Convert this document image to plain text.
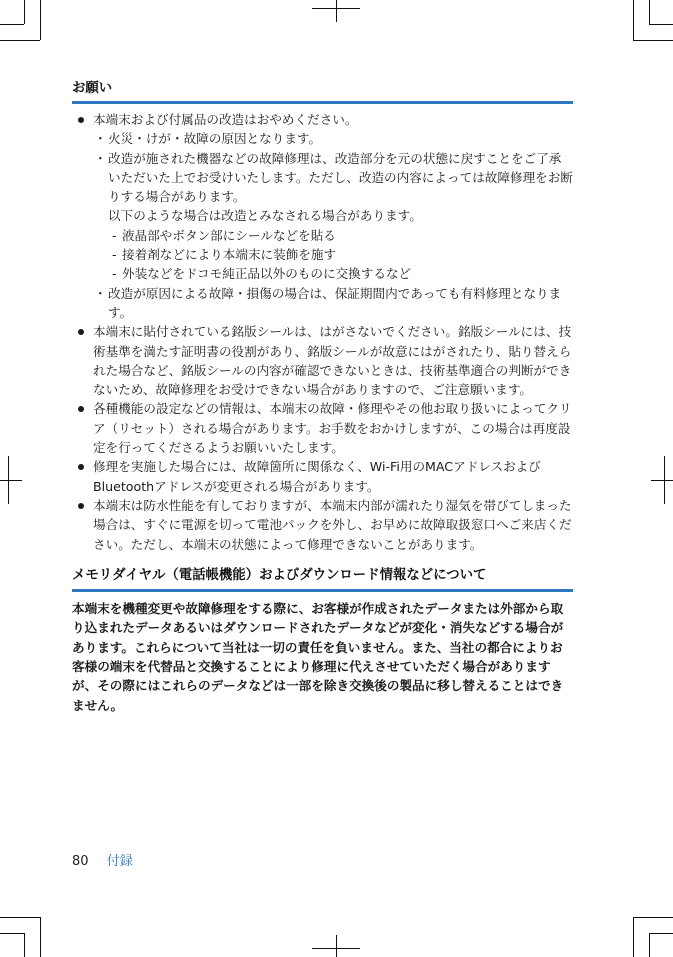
お願い
本端末および付属品の改造はおやめください。
・ 火災・けが・故障の原因となります。
・ 改造が施された機器などの故障修理は、改造部分を元の状態に戻すことをご了承いただいた上でお受けいたします。ただし、改造の内容によっては故障修理をお断りする場合があります。
以下のような場合は改造とみなされる場合があります。
- 液晶部やボタン部にシールなどを貼る
- 接着剤などにより本端末に装飾を施す
- 外装などをドコモ純正品以外のものに交換するなど
・ 改造が原因による故障・損傷の場合は、保証期間内であっても有料修理となります。
本端末に貼付されている銘版シールは、はがさないでください。銘版シールには、技術基準を満たす証明書の役割があり、銘版シールが故意にはがされたり、貼り替えられた場合など、銘版シールの内容が確認できないときは、技術基準適合の判断ができないため、故障修理をお受けできない場合がありますので、ご注意願います。
各種機能の設定などの情報は、本端末の故障・修理やその他お取り扱いによってクリア（リセット）される場合があります。お手数をおかけしますが、この場合は再度設定を行ってくださるようお願いいたします。
修理を実施した場合には、故障箇所に関係なく、Wi-Fi用のMACアドレスおよびBluetoothアドレスが変更される場合があります。
本端末は防水性能を有しておりますが、本端末内部が濡れたり湿気を帯びてしまった場合は、すぐに電源を切って電池パックを外し、お早めに故障取扱窓口へご来店ください。ただし、本端末の状態によって修理できないことがあります。
メモリダイヤル（電話帳機能）およびダウンロード情報などについて

本端末を機種変更や故障修理をする際に、お客様が作成されたデータまたは外部から取り込まれたデータあるいはダウンロードされたデータなどが変化・消失などする場合があります。これらについて当社は一切の責任を負いません。また、当社の都合によりお客様の端末を代替品と交換することにより修理に代えさせていただく場合がありますが、その際にはこれらのデータなどは一部を除き交換後の製品に移し替えることはできません。

80 付録
